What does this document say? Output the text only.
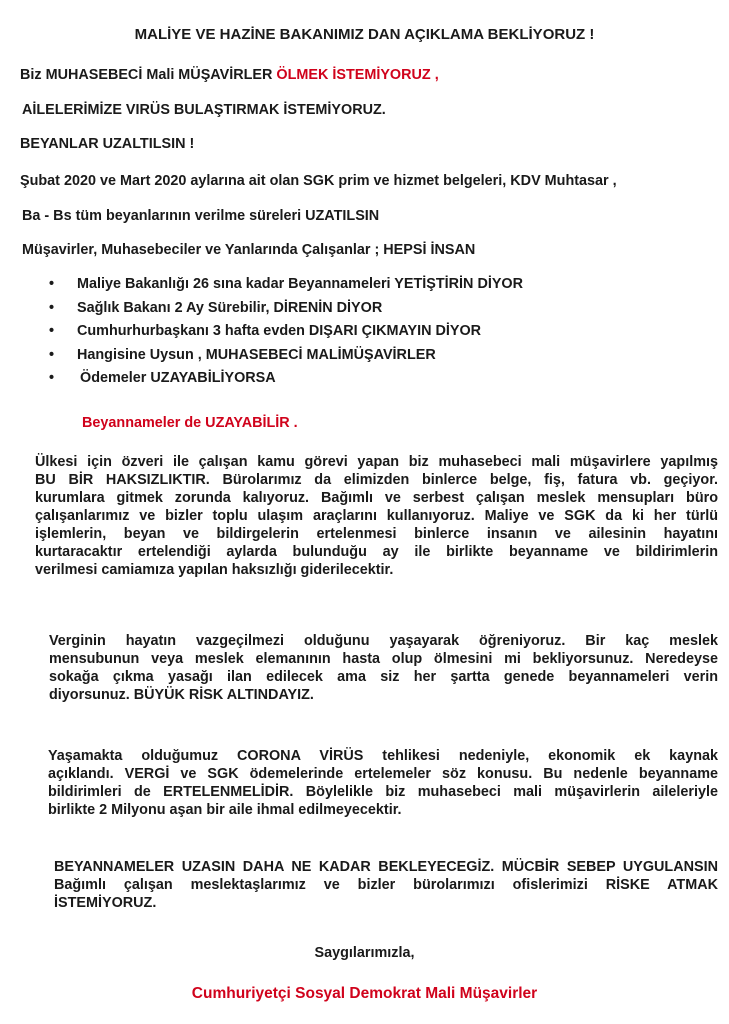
MALİYE VE HAZİNE BAKANIMIZ DAN AÇIKLAMA BEKLİYORUZ !
Biz MUHASEBECİ Mali MÜŞAVİRLER ÖLMEK İSTEMİYORUZ ,
AİLELERİMİZE VIRÜS BULAŞTIRMAK İSTEMİYORUZ.
BEYANLAR UZALTILSIN !
Şubat 2020 ve Mart 2020 aylarına ait olan SGK prim ve hizmet belgeleri, KDV Muhtasar ,
Ba - Bs tüm beyanlarının verilme süreleri UZATILSIN
Müşavirler, Muhasebeciler ve Yanlarında Çalışanlar ; HEPSİ İNSAN
• Maliye Bakanlığı 26 sına kadar Beyannameleri YETİŞTİRİN DİYOR
• Sağlık Bakanı 2 Ay Sürebilir, DİRENİN DİYOR
• Cumhurhurbaşkanı 3 hafta evden DIŞARI ÇIKMAYIN DİYOR
• Hangisine Uysun , MUHASEBECİ MALİMÜŞAVİRLER
• Ödemeler UZAYABİLİYORSA
Beyannameler de UZAYABİLİR .
Ülkesi için özveri ile çalışan kamu görevi yapan biz muhasebeci mali müşavirlere yapılmış
BU BİR HAKSIZLIKTIR. Bürolarımız da elimizden binlerce belge, fiş, fatura vb. geçiyor.
kurumlara gitmek zorunda kalıyoruz. Bağımlı ve serbest çalışan meslek mensupları büro
çalışanlarımız ve bizler toplu ulaşım araçlarını kullanıyoruz. Maliye ve SGK da ki her türlü
işlemlerin, beyan ve bildirgelerin ertelenmesi binlerce insanın ve ailesinin hayatını
kurtaracaktır ertelendiği aylarda bulunduğu ay ile birlikte beyanname ve bildirimlerin
verilmesi camiamıza yapılan haksızlığı giderilecektir.
Verginin hayatın vazgeçilmezi olduğunu yaşayarak öğreniyoruz. Bir kaç meslek
mensubunun veya meslek elemanının hasta olup ölmesini mi bekliyorsunuz. Neredeyse
sokağa çıkma yasağı ilan edilecek ama siz her şartta genede beyannameleri verin
diyorsunuz. BÜYÜK RİSK ALTINDAYIZ.
Yaşamakta olduğumuz CORONA VİRÜS tehlikesi nedeniyle, ekonomik ek kaynak
açıklandı. VERGİ ve SGK ödemelerinde ertelemeler söz konusu. Bu nedenle beyanname
bildirimleri de ERTELENMELİDİR. Böylelikle biz muhasebeci mali müşavirlerin aileleriyle
birlikte 2 Milyonu aşan bir aile ihmal edilmeyecektir.
BEYANNAMELER UZASIN DAHA NE KADAR BEKLEYECEGİZ. MÜCBİR SEBEP UYGULANSIN
Bağımlı çalışan meslektaşlarımız ve bizler bürolarımızı ofislerimizi RİSKE ATMAK
İSTEMİYORUZ.
Saygılarımızla,
Cumhuriyetçi Sosyal Demokrat Mali Müşavirler
